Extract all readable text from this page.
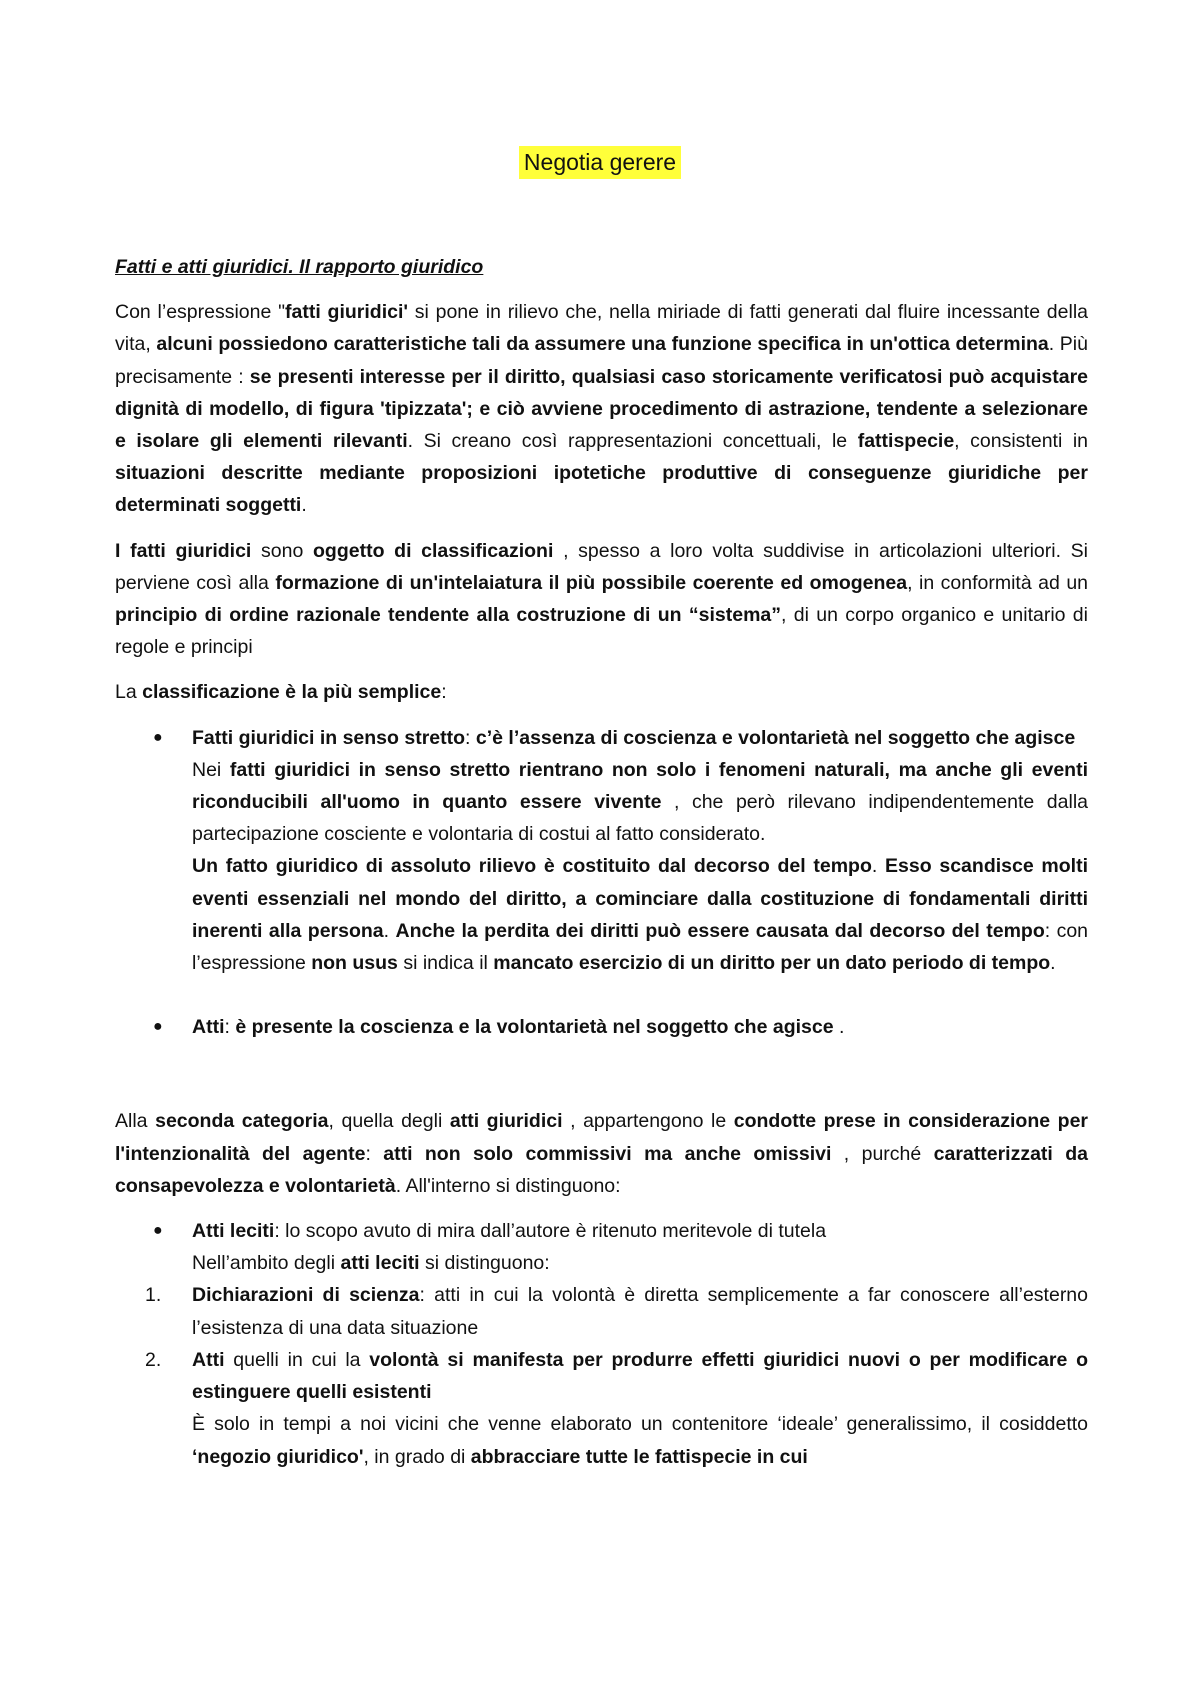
Negotia gerere
Fatti e atti giuridici. Il rapporto giuridico

Con l’espressione "fatti giuridici' si pone in rilievo che, nella miriade di fatti generati dal fluire incessante della vita, alcuni possiedono caratteristiche tali da assumere una funzione specifica in un'ottica determina. Più precisamente : se presenti interesse per il diritto, qualsiasi caso storicamente verificatosi può acquistare dignità di modello, di figura 'tipizzata'; e ciò avviene procedimento di astrazione, tendente a selezionare e isolare gli elementi rilevanti. Si creano così rappresentazioni concettuali, le fattispecie, consistenti in situazioni descritte mediante proposizioni ipotetiche produttive di conseguenze giuridiche per determinati soggetti.

I fatti giuridici sono oggetto di classificazioni , spesso a loro volta suddivise in articolazioni ulteriori. Si perviene così alla formazione di un'intelaiatura il più possibile coerente ed omogenea, in conformità ad un principio di ordine razionale tendente alla costruzione di un “sistema”, di un corpo organico e unitario di regole e principi

La classificazione è la più semplice:

●	Fatti giuridici in senso stretto: c’è l’assenza di coscienza e volontarietà nel soggetto che agisce

Nei fatti giuridici in senso stretto rientrano non solo i fenomeni naturali, ma anche gli eventi riconducibili all'uomo in quanto essere vivente , che però rilevano indipendentemente dalla partecipazione cosciente e volontaria di costui al fatto considerato.

Un fatto giuridico di assoluto rilievo è costituito dal decorso del tempo. Esso scandisce molti eventi essenziali nel mondo del diritto, a cominciare dalla costituzione di fondamentali diritti inerenti alla persona. Anche la perdita dei diritti può essere causata dal decorso del tempo: con l’espressione non usus si indica il mancato esercizio di un diritto per un dato periodo di tempo.

●	Atti: è presente la coscienza e la volontarietà nel soggetto che agisce .

Alla seconda categoria, quella degli atti giuridici , appartengono le condotte prese in considerazione per l'intenzionalità del agente: atti non solo commissivi ma anche omissivi , purché caratterizzati da consapevolezza e volontarietà. All'interno si distinguono:

●	Atti leciti: lo scopo avuto di mira dall’autore è ritenuto meritevole di tutela

Nell’ambito degli atti leciti si distinguono:

1. Dichiarazioni di scienza: atti in cui la volontà è diretta semplicemente a far conoscere all’esterno l’esistenza di una data situazione

2. Atti quelli in cui la volontà si manifesta per produrre effetti giuridici nuovi o per modificare o estinguere quelli esistenti

È solo in tempi a noi vicini che venne elaborato un contenitore ‘ideale’ generalissimo, il cosiddetto ‘negozio giuridico', in grado di abbracciare tutte le fattispecie in cui
